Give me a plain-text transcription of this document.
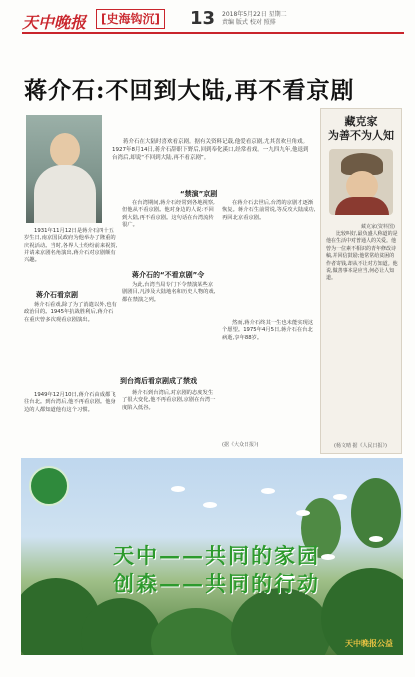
天中晚报	[史海钩沉] 13 2018年5月22日 星期二
责编 版式 校对 照排
蒋介石:不回到大陆,再不看京剧

蒋介石在大陆时喜欢看京剧。据有关资料记载,他爱看京剧,尤其喜欢旦角戏。1927年8月14日,蒋介石辞职下野后,回到奉化溪口,经常看戏。一九四九年,他退到台湾后,却说“不回到大陆,再不看京剧”。

“禁演”京剧

1931年11月12日是蒋介石四十五岁生日,南京国民政府为他举办了隆重的庆祝活动。当时,各界人士纷纷前来祝贺,并请来京剧名角演出,蒋介石对京剧颇有兴趣。

蒋介石看京剧

蒋介石看戏,除了为了消遣以外,也有政治目的。1945年抗战胜利后,蒋介石在重庆曾多次观看京剧演出。

1949年12月10日,蒋介石由成都飞往台北。到台湾后,他不再看京剧。他身边的人都知道他有这个习惯。

在台湾期间,蒋介石经常到各地视察,但他从不看京剧。他对身边的人说:不回到大陆,再不看京剧。这句话在台湾流传很广。

蒋介石的“不看京剧”令

为此,台湾当局专门下令禁演某些京剧剧目,凡涉及大陆地名和历史人物的戏,都在禁演之列。

到台湾后看京剧成了禁戏

蒋介石到台湾后,对京剧的态度发生了很大变化,他不再看京剧,京剧在台湾一度陷入低谷。

在蒋介石去世后,台湾的京剧才逐渐恢复。蒋介石生前常说,等反攻大陆成功,再回北京看京剧。

然而,蒋介石终其一生也未能实现这个愿望。1975年4月5日,蒋介石在台北病逝,享年88岁。

(据《大众日报》)
藏克家
为善不为人知
藏克家(资料图)

比较叫好,最负盛人称道的是他在生活中对普通人的关爱。他曾为一位素不相识的青年修改诗稿,并回信鼓励;他常常给贫困的作者寄钱,却从不让对方知道。他说,做善事本是应当,何必让人知道。

(杨文晴 据《人民日报》)
天中——共同的家园
创森——共同的行动
天中晚报公益
